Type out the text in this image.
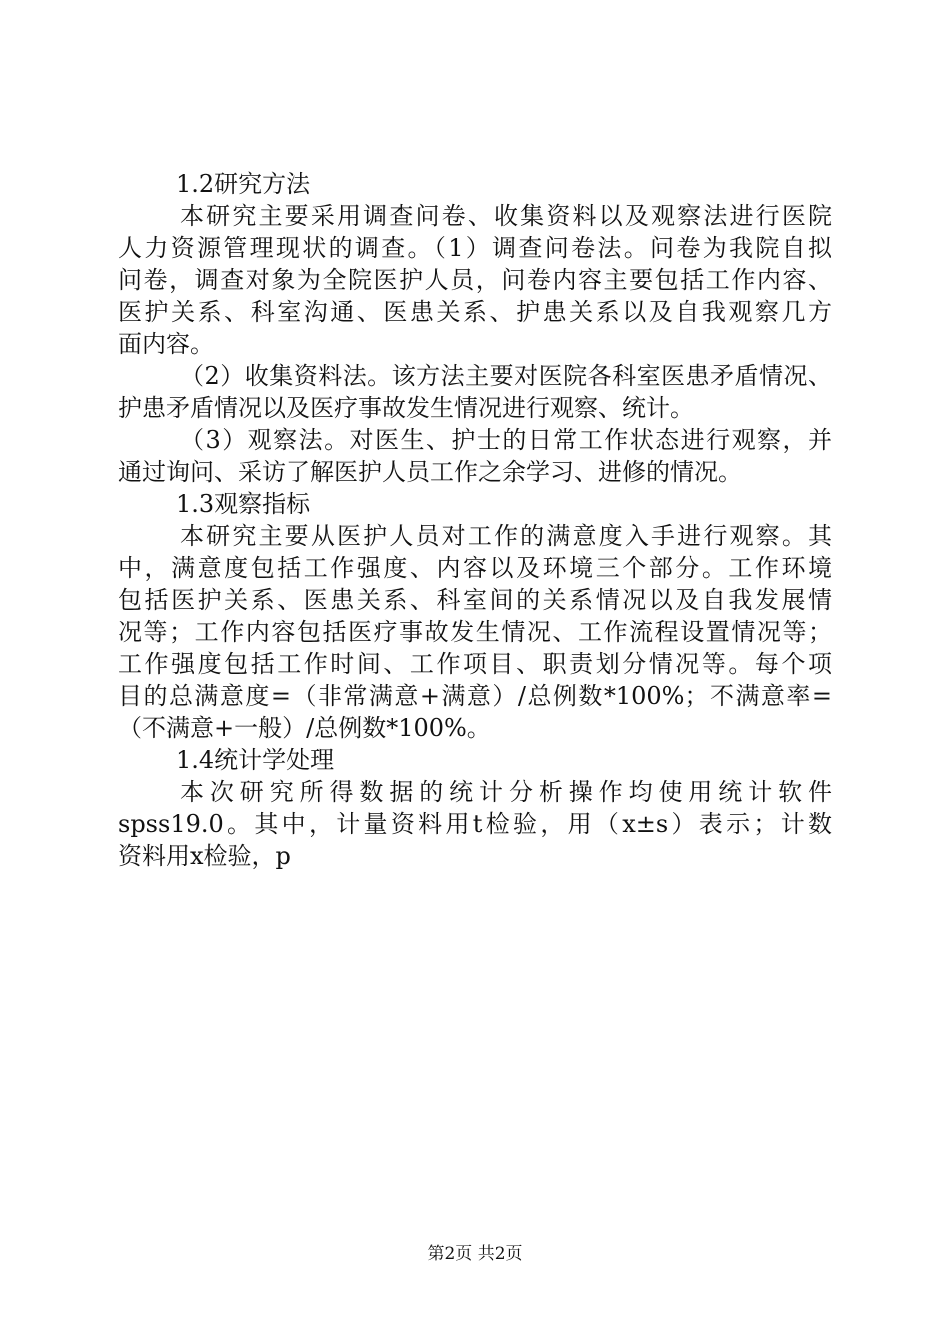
1.2研究方法
本研究主要采用调查问卷、收集资料以及观察法进行医院
人力资源管理现状的调查。（1）调查问卷法。问卷为我院自拟
问卷，调查对象为全院医护人员，问卷内容主要包括工作内容、
医护关系、科室沟通、医患关系、护患关系以及自我观察几方
面内容。
（2）收集资料法。该方法主要对医院各科室医患矛盾情况、
护患矛盾情况以及医疗事故发生情况进行观察、统计。
（3）观察法。对医生、护士的日常工作状态进行观察，并
通过询问、采访了解医护人员工作之余学习、进修的情况。
1.3观察指标
本研究主要从医护人员对工作的满意度入手进行观察。其
中，满意度包括工作强度、内容以及环境三个部分。工作环境
包括医护关系、医患关系、科室间的关系情况以及自我发展情
况等；工作内容包括医疗事故发生情况、工作流程设置情况等；
工作强度包括工作时间、工作项目、职责划分情况等。每个项
目的总满意度=（非常满意+满意）/总例数*100%；不满意率=
（不满意+一般）/总例数*100%。
1.4统计学处理
本次研究所得数据的统计分析操作均使用统计软件
spss19.0。其中，计量资料用t检验，用（x±s）表示；计数
资料用x检验，p
第2页 共2页
